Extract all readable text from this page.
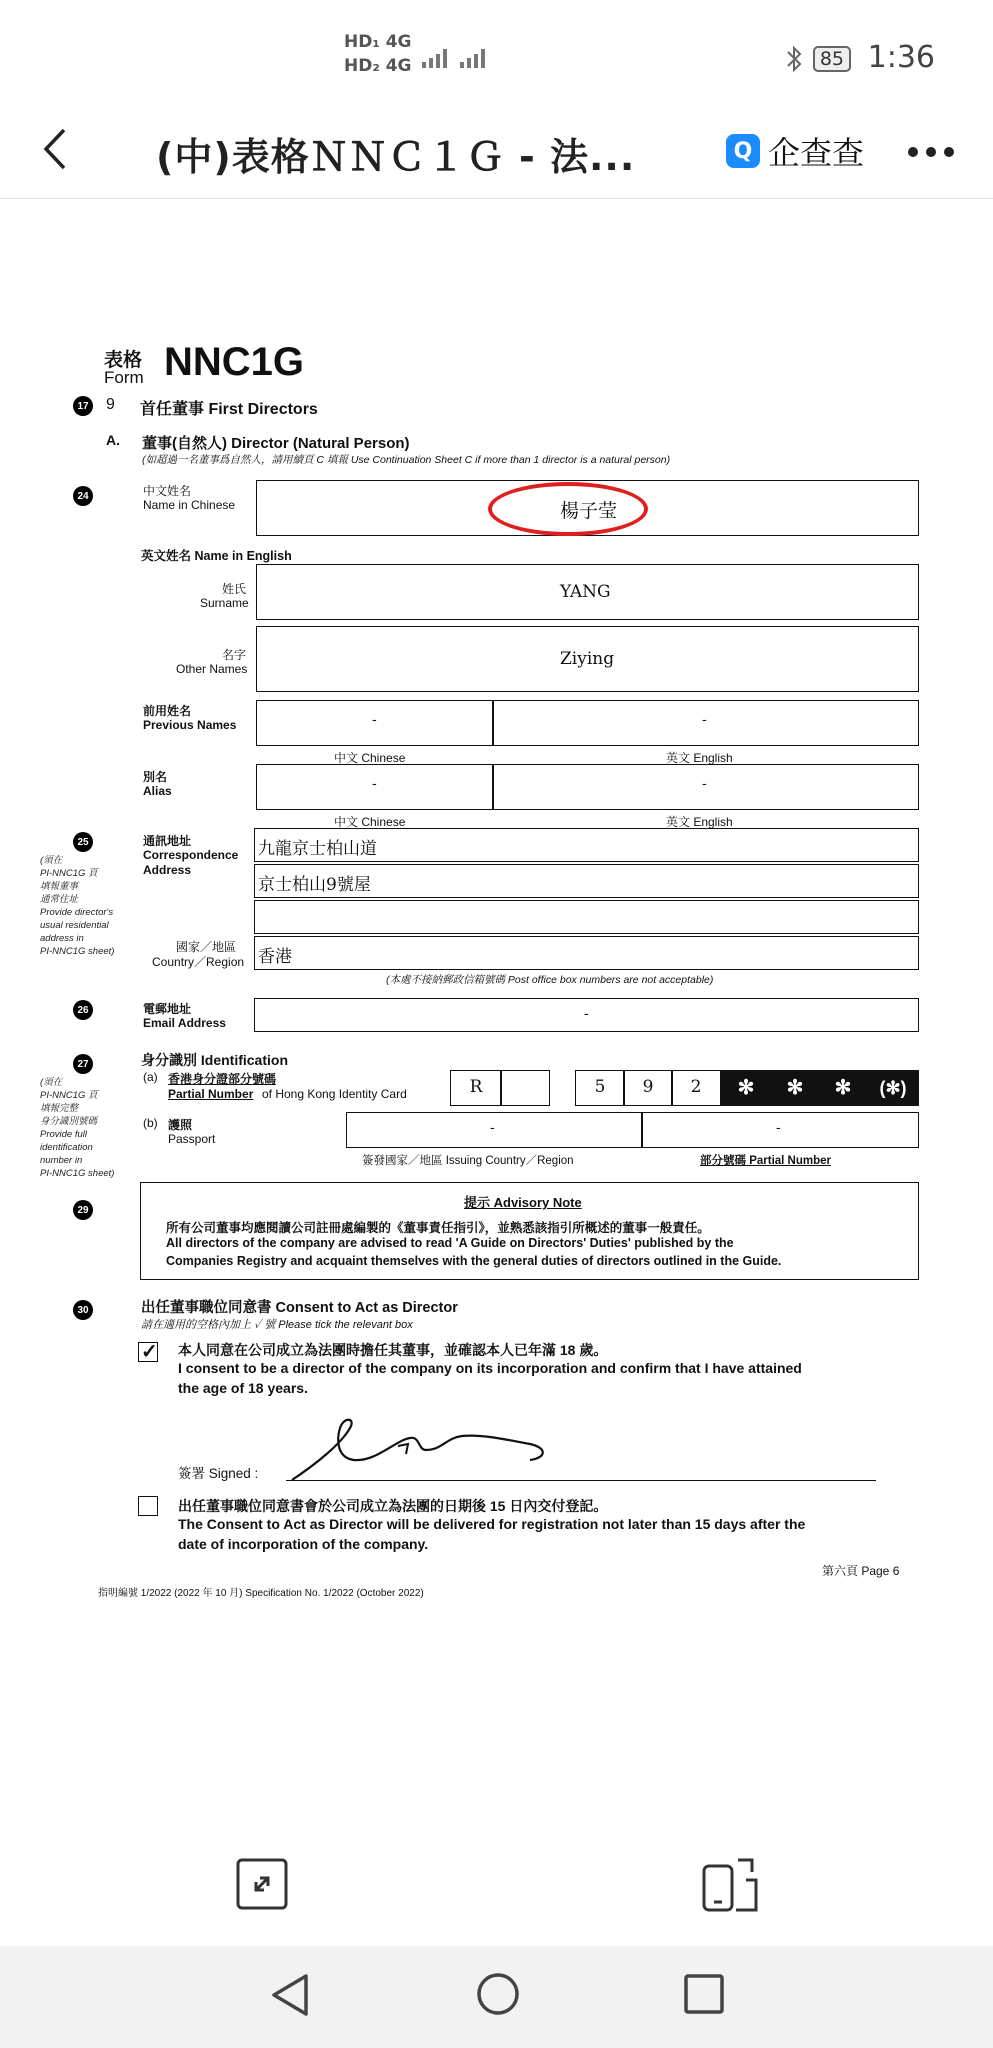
HD₁ 4G
HD₂ 4G	85 1:36
(中)表格ＮＮＣ１Ｇ - 法...	Q 企查查
表格
Form NNC1G
17 9 首任董事 First Directors
A. 董事(自然人) Director (Natural Person)
(如超過一名董事爲自然人，請用續頁 C 填報 Use Continuation Sheet C if more than 1 director is a natural person)
24	中文姓名
Name in Chinese	楊子莹
英文姓名 Name in English
姓氏
Surname
YANG
名字
Other Names	Ziying
前用姓名
Previous Names	-	-
中文 Chinese	英文 English
別名
Alias	-	-
中文 Chinese	英文 English
25
(須在
PI-NNC1G 頁
填報董事
通常住址
Provide director's
usual residential
address in
PI-NNC1G sheet)
通訊地址
Correspondence
Address
九龍京士柏山道
京士柏山9號屋
國家／地區
Country／Region 香港
(本處不接納郵政信箱號碼 Post office box numbers are not acceptable)
26	電郵地址
Email Address
-
27
(須在
PI-NNC1G 頁
填報完整
身分識別號碼
Provide full
identification
number in
PI-NNC1G sheet)
身分識別 Identification
(a) 香港身分證部分號碼
Partial Number of Hong Kong Identity Card	R	5	9	2	✻	✻	✻	(✻)
(b) 護照
Passport
-	-
簽發國家／地區 Issuing Country／Region	部分號碼 Partial Number
29	提示 Advisory Note
所有公司董事均應閱讀公司註冊處編製的《董事責任指引》，並熟悉該指引所概述的董事一般責任。
All directors of the company are advised to read 'A Guide on Directors' Duties' published by the
Companies Registry and acquaint themselves with the general duties of directors outlined in the Guide.
30	出任董事職位同意書 Consent to Act as Director
請在適用的空格內加上 ✓ 號 Please tick the relevant box
✓ 本人同意在公司成立為法團時擔任其董事，並確認本人已年滿 18 歲。
I consent to be a director of the company on its incorporation and confirm that I have attained
the age of 18 years.
簽署 Signed :
出任董事職位同意書會於公司成立為法團的日期後 15 日內交付登記。
The Consent to Act as Director will be delivered for registration not later than 15 days after the
date of incorporation of the company.
第六頁 Page 6
指明編號 1/2022 (2022 年 10 月) Specification No. 1/2022 (October 2022)
